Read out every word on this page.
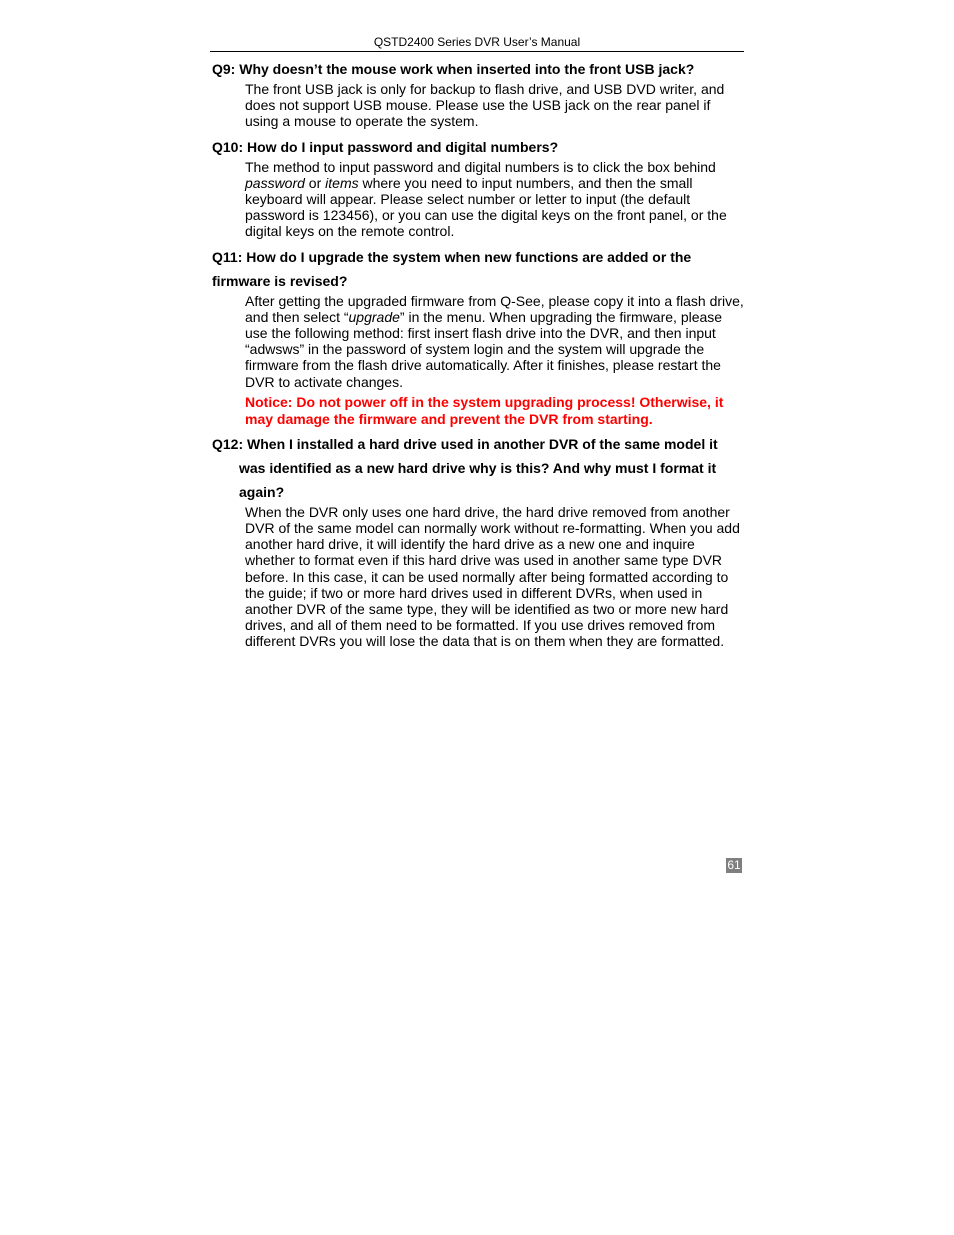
QSTD2400 Series DVR User’s Manual

Q9: Why doesn’t the mouse work when inserted into the front USB jack?

The front USB jack is only for backup to flash drive, and USB DVD writer, and does not support USB mouse. Please use the USB jack on the rear panel if using a mouse to operate the system.

Q10: How do I input password and digital numbers?

The method to input password and digital numbers is to click the box behind password or items where you need to input numbers, and then the small keyboard will appear. Please select number or letter to input (the default password is 123456), or you can use the digital keys on the front panel, or the digital keys on the remote control.

Q11: How do I upgrade the system when new functions are added or the
firmware is revised?

After getting the upgraded firmware from Q-See, please copy it into a flash drive, and then select “upgrade” in the menu. When upgrading the firmware, please use the following method: first insert flash drive into the DVR, and then input “adwsws” in the password of system login and the system will upgrade the firmware from the flash drive automatically. After it finishes, please restart the DVR to activate changes.

Notice: Do not power off in the system upgrading process! Otherwise, it may damage the firmware and prevent the DVR from starting.

Q12: When I installed a hard drive used in another DVR of the same model it
was identified as a new hard drive why is this? And why must I format it
again?

When the DVR only uses one hard drive, the hard drive removed from another DVR of the same model can normally work without re-formatting. When you add another hard drive, it will identify the hard drive as a new one and inquire whether to format even if this hard drive was used in another same type DVR before. In this case, it can be used normally after being formatted according to the guide; if two or more hard drives used in different DVRs, when used in another DVR of the same type, they will be identified as two or more new hard drives, and all of them need to be formatted. If you use drives removed from different DVRs you will lose the data that is on them when they are formatted.

61
